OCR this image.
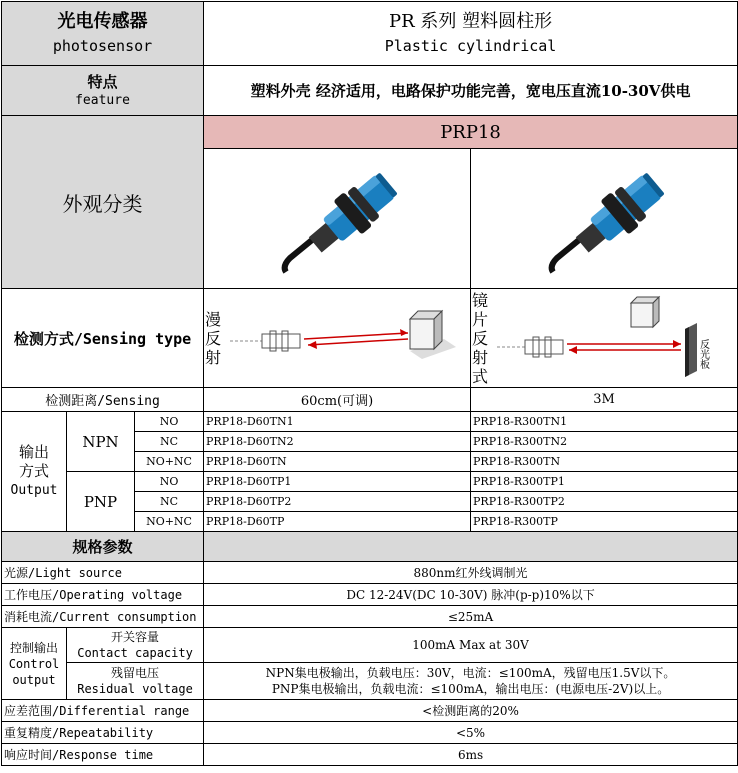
光电传感器
photosensor			PR 系列 塑料圆柱形
Plastic cylindrical	

特点
feature			塑料外壳 经济适用，电路保护功能完善，宽电压直流10-30V供电	
外观分类			PRP18	

检测方式/Sensing type			漫反射	镜片反射式
反光板

检测距离/Sensing			60cm(可调)	3M

输出方式
Output	NPN	NO	PRP18-D60TN1	PRP18-R300TN1
		NC	PRP18-D60TN2	PRP18-R300TN2
		NO+NC	PRP18-D60TN	PRP18-R300TN
	PNP	NO	PRP18-D60TP1	PRP18-R300TP1
		NC	PRP18-D60TP2	PRP18-R300TP2
		NO+NC	PRP18-D60TP	PRP18-R300TP
规格参数				
光源/Light source			880nm红外线调制光	
工作电压/Operating voltage			DC 12-24V(DC 10-30V) 脉冲(p-p)10%以下	
消耗电流/Current consumption			≤25mA	

控制输出
Control
output	开关容量
Contact capacity		100mA Max at 30V	

	残留电压
Residual voltage		NPN集电极输出，负载电压：30V，电流：≤100mA，残留电压1.5V以下。
PNP集电极输出，负载电流：≤100mA，输出电压：(电源电压-2V)以上。	

应差范围/Differential range			<检测距离的20%	
重复精度/Repeatability			<5%	
响应时间/Response time			6ms	
